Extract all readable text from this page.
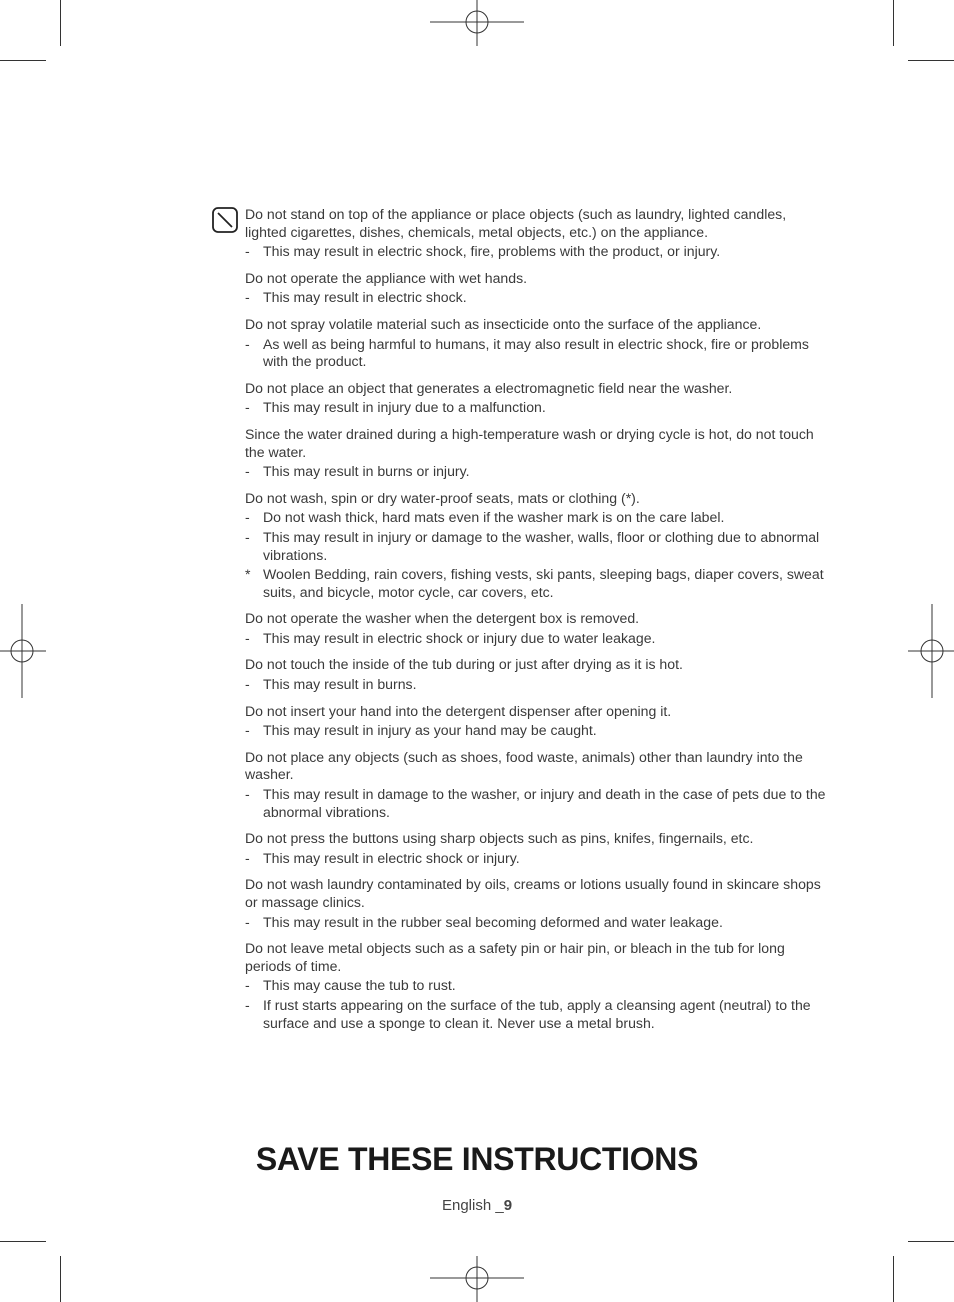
Do not stand on top of the appliance or place objects (such as laundry, lighted candles, lighted cigarettes, dishes, chemicals, metal objects, etc.) on the appliance.

- This may result in electric shock, fire, problems with the product, or injury.

Do not operate the appliance with wet hands.

- This may result in electric shock.

Do not spray volatile material such as insecticide onto the surface of the appliance.

- As well as being harmful to humans, it may also result in electric shock, fire or problems with the product.

Do not place an object that generates a electromagnetic field near the washer.

- This may result in injury due to a malfunction.

Since the water drained during a high-temperature wash or drying cycle is hot, do not touch the water.

- This may result in burns or injury.

Do not wash, spin or dry water-proof seats, mats or clothing (*).

- Do not wash thick, hard mats even if the washer mark is on the care label.
- This may result in injury or damage to the washer, walls, floor or clothing due to abnormal vibrations.
* Woolen Bedding, rain covers, fishing vests, ski pants, sleeping bags, diaper covers, sweat suits, and bicycle, motor cycle, car covers, etc.

Do not operate the washer when the detergent box is removed.

- This may result in electric shock or injury due to water leakage.

Do not touch the inside of the tub during or just after drying as it is hot.

- This may result in burns.

Do not insert your hand into the detergent dispenser after opening it.

- This may result in injury as your hand may be caught.

Do not place any objects (such as shoes, food waste, animals) other than laundry into the washer.

- This may result in damage to the washer, or injury and death in the case of pets due to the abnormal vibrations.

Do not press the buttons using sharp objects such as pins, knifes, fingernails, etc.

- This may result in electric shock or injury.

Do not wash laundry contaminated by oils, creams or lotions usually found in skincare shops or massage clinics.

- This may result in the rubber seal becoming deformed and water leakage.

Do not leave metal objects such as a safety pin or hair pin, or bleach in the tub for long periods of time.

- This may cause the tub to rust.
- If rust starts appearing on the surface of the tub, apply a cleansing agent (neutral) to the surface and use a sponge to clean it. Never use a metal brush.
SAVE THESE INSTRUCTIONS
English _9
